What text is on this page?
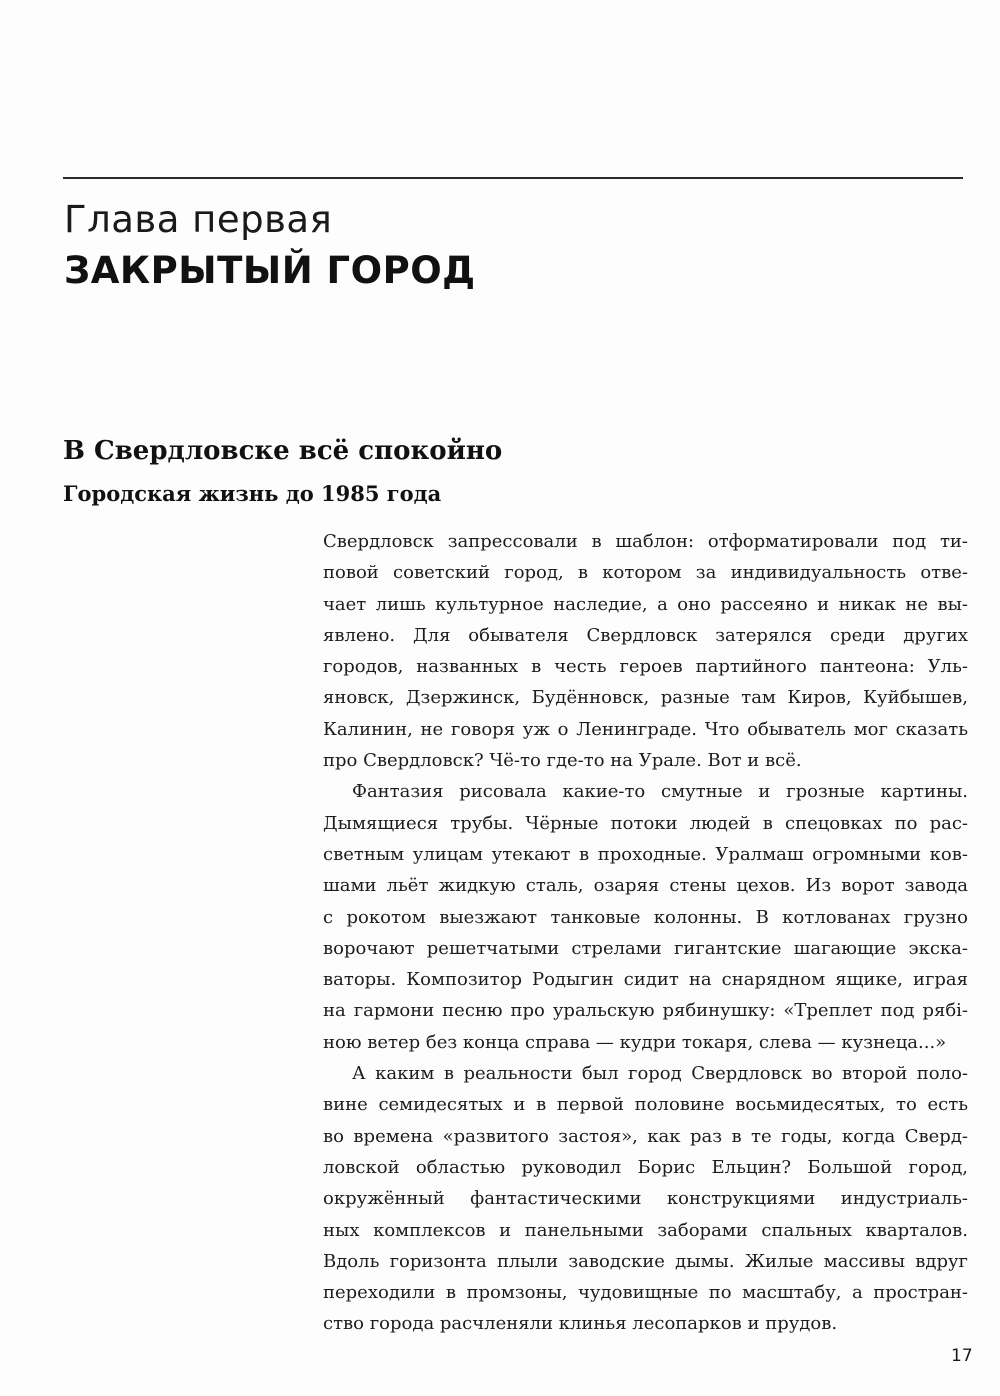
Глава первая
ЗАКРЫТЫЙ ГОРОД
В Свердловске всё спокойно
Городская жизнь до 1985 года
Свердловск запрессовали в шаблон: отформатировали под ти-
повой советский город, в котором за индивидуальность отве-
чает лишь культурное наследие, а оно рассеяно и никак не вы-
явлено. Для обывателя Свердловск затерялся среди других
городов, названных в честь героев партийного пантеона: Уль-
яновск, Дзержинск, Будённовск, разные там Киров, Куйбышев,
Калинин, не говоря уж о Ленинграде. Что обыватель мог сказать
про Свердловск? Чё-то где-то на Урале. Вот и всё.
Фантазия рисовала какие-то смутные и грозные картины.
Дымящиеся трубы. Чёрные потоки людей в спецовках по рас-
светным улицам утекают в проходные. Уралмаш огромными ков-
шами льёт жидкую сталь, озаряя стены цехов. Из ворот завода
с рокотом выезжают танковые колонны. В котлованах грузно
ворочают решетчатыми стрелами гигантские шагающие экска-
ваторы. Композитор Родыгин сидит на снарядном ящике, играя
на гармони песню про уральскую рябинушку: «Треплет под рябі-
ною ветер без конца справа — кудри токаря, слева — кузнеца...»
А каким в реальности был город Свердловск во второй поло-
вине семидесятых и в первой половине восьмидесятых, то есть
во времена «развитого застоя», как раз в те годы, когда Сверд-
ловской областью руководил Борис Ельцин? Большой город,
окружённый фантастическими конструкциями индустриаль-
ных комплексов и панельными заборами спальных кварталов.
Вдоль горизонта плыли заводские дымы. Жилые массивы вдруг
переходили в промзоны, чудовищные по масштабу, а простран-
ство города расчленяли клинья лесопарков и прудов.
17
